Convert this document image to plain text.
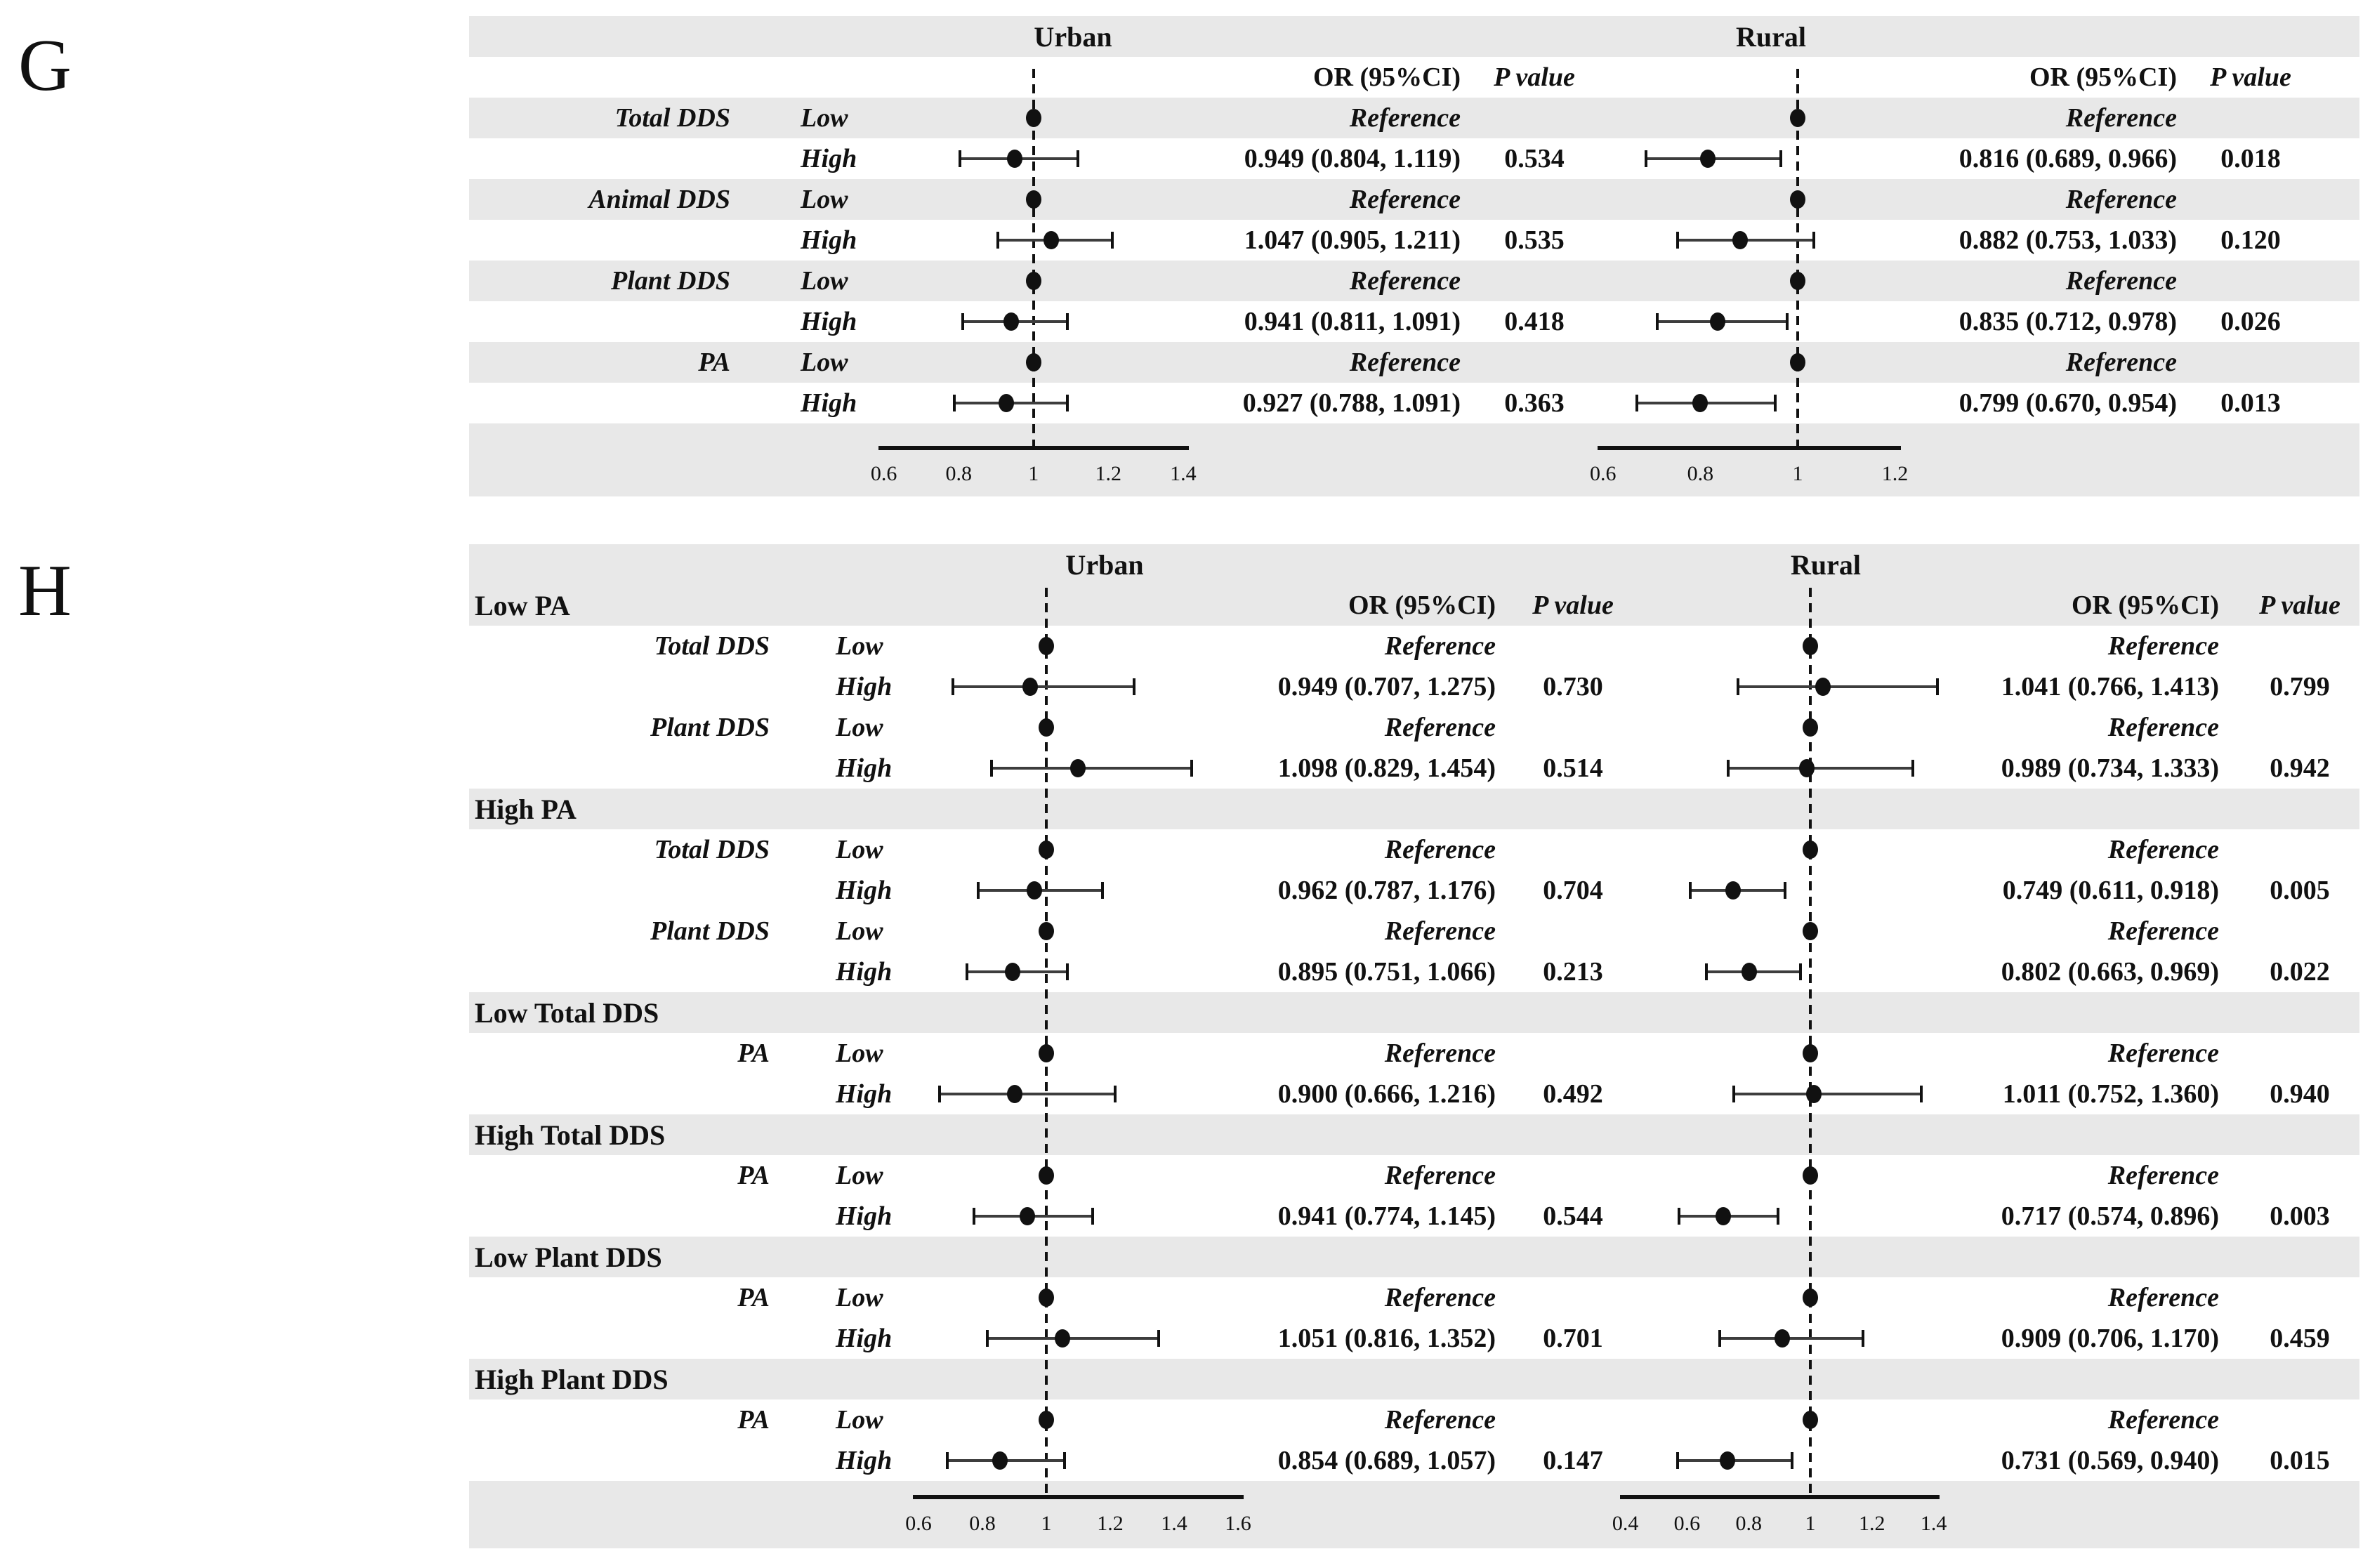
G
H
Urban	Rural
OR (95%CI)	P value	OR (95%CI)	P value
Total DDS	Low	Reference	Reference
High	0.949 (0.804, 1.119)	0.534	0.816 (0.689, 0.966)	0.018
Animal DDS	Low	Reference	Reference
High	1.047 (0.905, 1.211)	0.535	0.882 (0.753, 1.033)	0.120
Plant DDS	Low	Reference	Reference
High	0.941 (0.811, 1.091)	0.418	0.835 (0.712, 0.978)	0.026
PA	Low	Reference	Reference
High	0.927 (0.788, 1.091)	0.363	0.799 (0.670, 0.954)	0.013
0.6 0.8	1	1.2 1.4	0.6	0.8	1	1.2
Urban	Rural
Low PA	OR (95%CI)	P value	OR (95%CI)	P value
Total DDS	Low	Reference	Reference
High	0.949 (0.707, 1.275)	0.730	1.041 (0.766, 1.413)	0.799
Plant DDS	Low	Reference	Reference
High	1.098 (0.829, 1.454)	0.514	0.989 (0.734, 1.333)	0.942
High PA
Total DDS	Low	Reference	Reference
High	0.962 (0.787, 1.176)	0.704	0.749 (0.611, 0.918)	0.005
Plant DDS	Low	Reference	Reference
High	0.895 (0.751, 1.066)	0.213	0.802 (0.663, 0.969)	0.022
Low Total DDS
PA	Low	Reference	Reference
High	0.900 (0.666, 1.216)	0.492	1.011 (0.752, 1.360)	0.940
High Total DDS
PA	Low	Reference	Reference
High	0.941 (0.774, 1.145)	0.544	0.717 (0.574, 0.896)	0.003
Low Plant DDS
PA	Low	Reference	Reference
High	1.051 (0.816, 1.352)	0.701	0.909 (0.706, 1.170)	0.459
High Plant DDS
PA	Low	Reference	Reference
High	0.854 (0.689, 1.057)	0.147	0.731 (0.569, 0.940)	0.015
0.6 0.8 1 1.2 1.4 1.6	0.4 0.6 0.8 1 1.2 1.4
